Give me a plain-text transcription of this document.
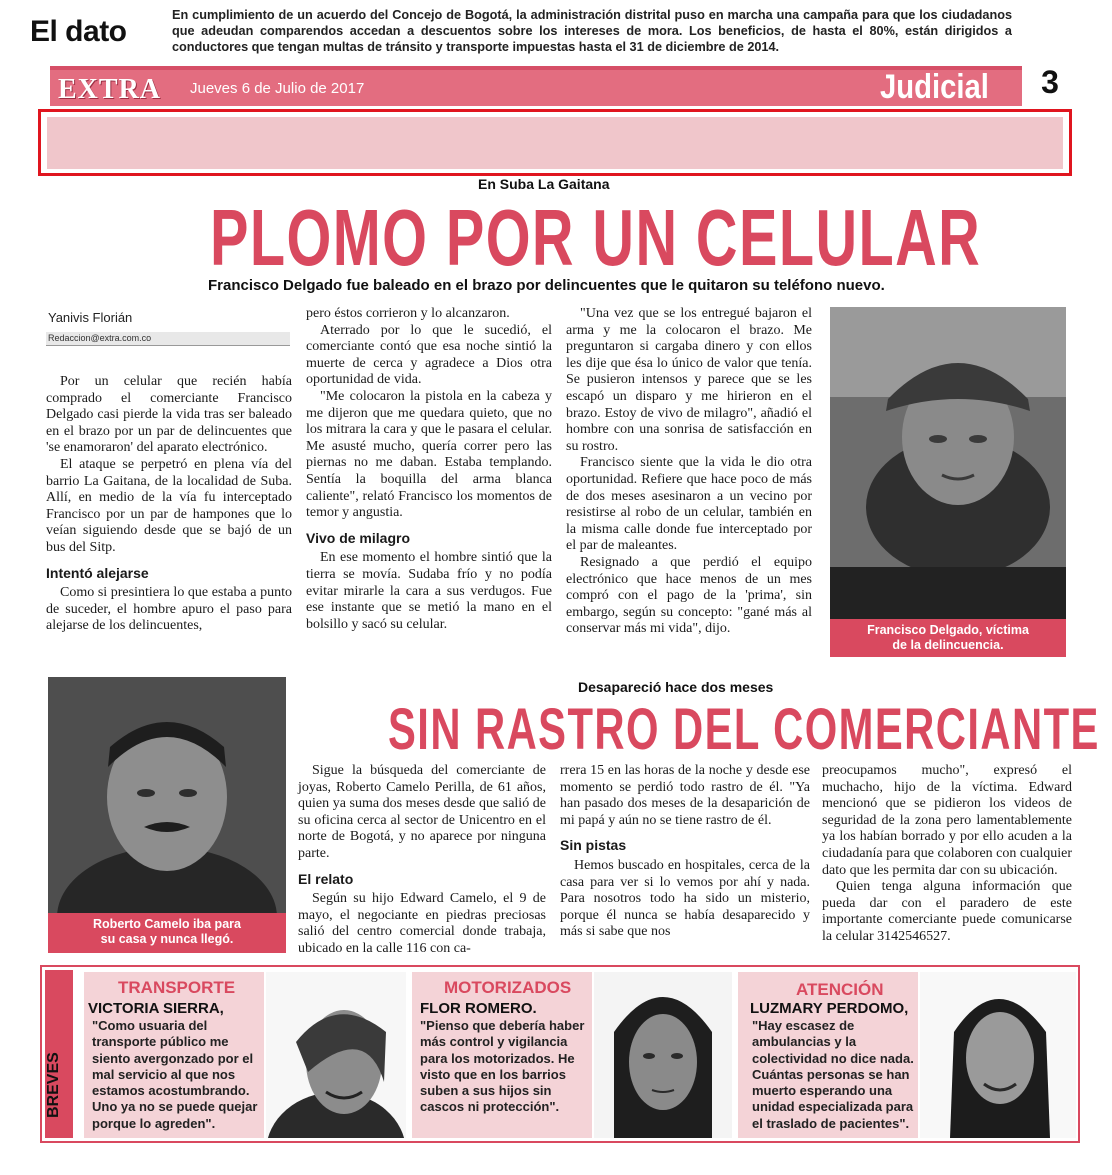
EXTRA Jueves 6 de Julio de 2017	Judicial	3
El dato	En cumplimiento de un acuerdo del Concejo de Bogotá, la administración distrital puso en marcha una campaña para que los ciudadanos que adeudan comparendos accedan a descuentos sobre los intereses de mora. Los beneficios, de hasta el 80%, están dirigidos a conductores que tengan multas de tránsito y transporte impuestas hasta el 31 de diciembre de 2014.
En Suba La Gaitana
PLOMO POR UN CELULAR
Francisco Delgado fue baleado en el brazo por delincuentes que le quitaron su teléfono nuevo.
Yanivis Florián
Redaccion@extra.com.co

Por un celular que recién había comprado el comerciante Francisco Delgado casi pierde la vida tras ser baleado en el brazo por un par de delincuentes que 'se enamoraron' del aparato electrónico.

El ataque se perpetró en plena vía del barrio La Gaitana, de la localidad de Suba. Allí, en medio de la vía fu interceptado Francisco por un par de hampones que lo veían siguiendo desde que se bajó de un bus del Sitp.

Intentó alejarse

Como si presintiera lo que estaba a punto de suceder, el hombre apuro el paso para alejarse de los delincuentes,

pero éstos corrieron y lo alcanzaron.

Aterrado por lo que le sucedió, el comerciante contó que esa noche sintió la muerte de cerca y agradece a Dios otra oportunidad de vida.

"Me colocaron la pistola en la cabeza y me dijeron que me quedara quieto, que no los mitrara la cara y que le pasara el celular. Me asusté mucho, quería correr pero las piernas no me daban. Estaba templando. Sentía la boquilla del arma blanca caliente", relató Francisco los momentos de temor y angustia.

Vivo de milagro

En ese momento el hombre sintió que la tierra se movía. Sudaba frío y no podía evitar mirarle la cara a sus verdugos. Fue ese instante que se metió la mano en el bolsillo y sacó su celular.

"Una vez que se los entregué bajaron el arma y me la colocaron el brazo. Me preguntaron si cargaba dinero y con ellos les dije que ésa lo único de valor que tenía. Se pusieron intensos y parece que se les escapó un disparo y me hirieron en el brazo. Estoy de vivo de milagro", añadió el hombre con una sonrisa de satisfacción en su rostro.

Francisco siente que la vida le dio otra oportunidad. Refiere que hace poco de más de dos meses asesinaron a un vecino por resistirse al robo de un celular, también en la misma calle donde fue interceptado por el par de maleantes.

Resignado a que perdió el equipo electrónico que hace menos de un mes compró con el pago de la 'prima', sin embargo, según su concepto: "gané más al conservar más mi vida", dijo.	Francisco Delgado, víctima
de la delincuencia.
Roberto Camelo iba para
su casa y nunca llegó.
Desapareció hace dos meses
SIN RASTRO DEL COMERCIANTE

Sigue la búsqueda del comerciante de joyas, Roberto Camelo Perilla, de 61 años, quien ya suma dos meses desde que salió de su oficina cerca al sector de Unicentro en el norte de Bogotá, y no aparece por ninguna parte.

El relato

Según su hijo Edward Camelo, el 9 de mayo, el negociante en piedras preciosas salió del centro comercial donde trabaja, ubicado en la calle 116 con ca-

rrera 15 en las horas de la noche y desde ese momento se perdió todo rastro de él. "Ya han pasado dos meses de la desaparición de mi papá y aún no se tiene rastro de él.

Sin pistas

Hemos buscado en hospitales, cerca de la casa para ver si lo vemos por ahí y nada. Para nosotros todo ha sido un misterio, porque él nunca se había desaparecido y más si sabe que nos

preocupamos mucho", expresó el muchacho, hijo de la víctima. Edward mencionó que se pidieron los videos de seguridad de la zona pero lamentablemente ya los habían borrado y por ello acuden a la ciudadanía para que colaboren con cualquier dato que les permita dar con su ubicación.

Quien tenga alguna información que pueda dar con el paradero de este importante comerciante puede comunicarse la celular 3142546527.

TRANSPORTE
VICTORIA SIERRA,
"Como usuaria del transporte público me siento avergonzado por el mal servicio al que nos estamos acostumbrando. Uno ya no se puede quejar porque lo agreden".
MOTORIZADOS
FLOR ROMERO.
"Pienso que debería haber más control y vigilancia para los motorizados. He visto que en los barrios suben a sus hijos sin cascos ni protección".
ATENCIÓN
LUZMARY PERDOMO,
"Hay escasez de ambulancias y la colectividad no dice nada. Cuántas personas se han muerto esperando una unidad especializada para el traslado de pacientes".
